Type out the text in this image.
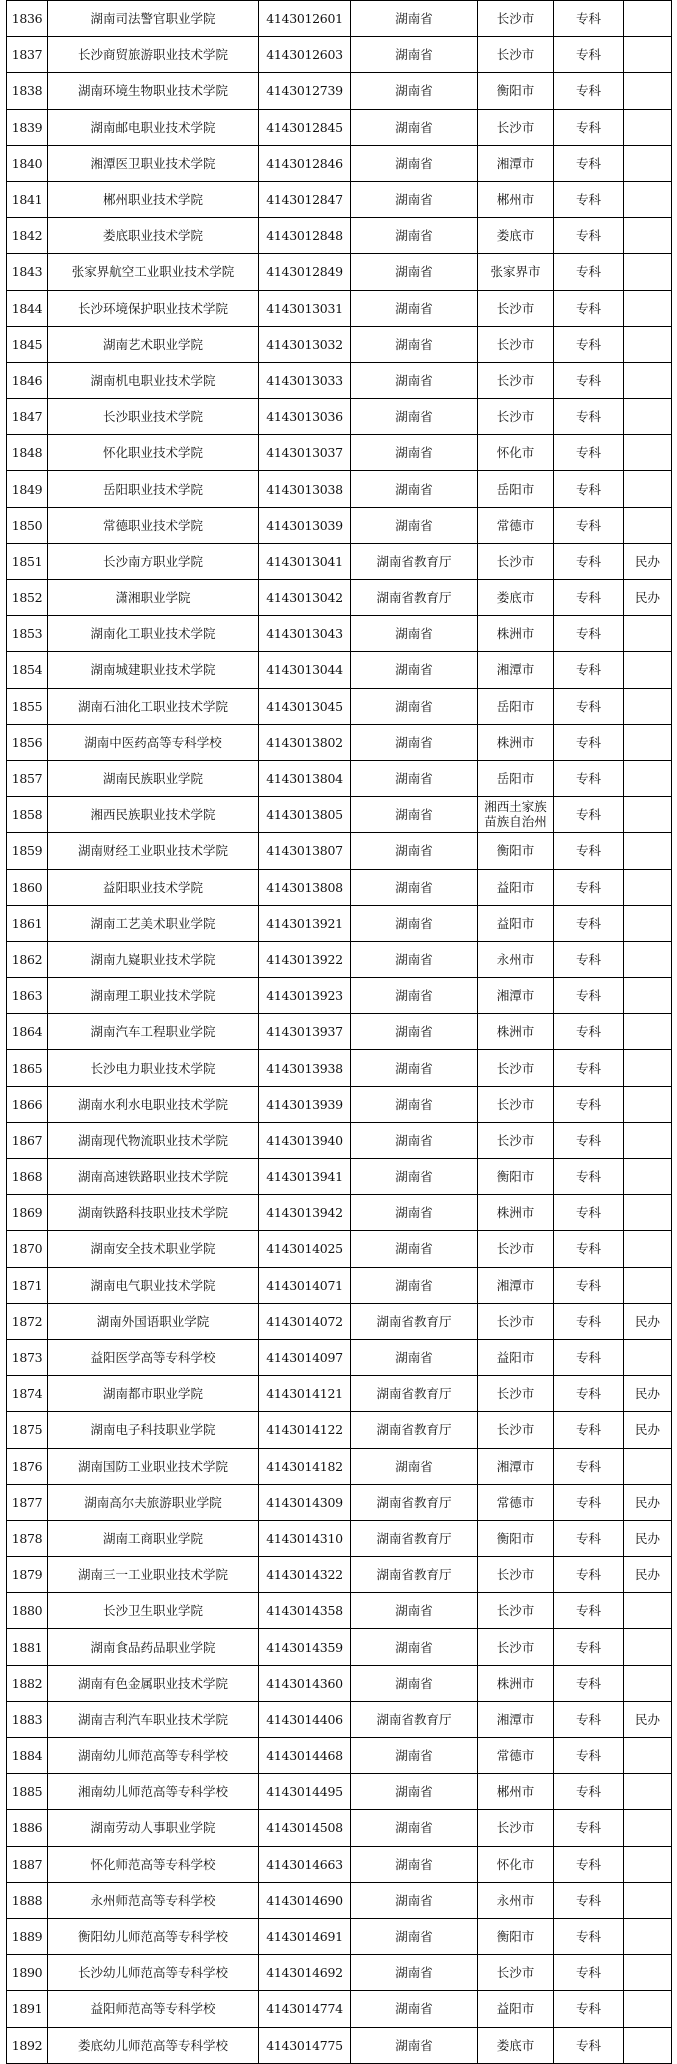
1836	湖南司法警官职业学院	4143012601	湖南省	长沙市	专科	
1837	长沙商贸旅游职业技术学院	4143012603	湖南省	长沙市	专科	
1838	湖南环境生物职业技术学院	4143012739	湖南省	衡阳市	专科	
1839	湖南邮电职业技术学院	4143012845	湖南省	长沙市	专科	
1840	湘潭医卫职业技术学院	4143012846	湖南省	湘潭市	专科	
1841	郴州职业技术学院	4143012847	湖南省	郴州市	专科	
1842	娄底职业技术学院	4143012848	湖南省	娄底市	专科	
1843	张家界航空工业职业技术学院	4143012849	湖南省	张家界市	专科	
1844	长沙环境保护职业技术学院	4143013031	湖南省	长沙市	专科	
1845	湖南艺术职业学院	4143013032	湖南省	长沙市	专科	
1846	湖南机电职业技术学院	4143013033	湖南省	长沙市	专科	
1847	长沙职业技术学院	4143013036	湖南省	长沙市	专科	
1848	怀化职业技术学院	4143013037	湖南省	怀化市	专科	
1849	岳阳职业技术学院	4143013038	湖南省	岳阳市	专科	
1850	常德职业技术学院	4143013039	湖南省	常德市	专科	
1851	长沙南方职业学院	4143013041	湖南省教育厅	长沙市	专科	民办
1852	潇湘职业学院	4143013042	湖南省教育厅	娄底市	专科	民办
1853	湖南化工职业技术学院	4143013043	湖南省	株洲市	专科	
1854	湖南城建职业技术学院	4143013044	湖南省	湘潭市	专科	
1855	湖南石油化工职业技术学院	4143013045	湖南省	岳阳市	专科	
1856	湖南中医药高等专科学校	4143013802	湖南省	株洲市	专科	
1857	湖南民族职业学院	4143013804	湖南省	岳阳市	专科	
1858	湘西民族职业技术学院	4143013805	湖南省	湘西土家族苗族自治州	专科	
1859	湖南财经工业职业技术学院	4143013807	湖南省	衡阳市	专科	
1860	益阳职业技术学院	4143013808	湖南省	益阳市	专科	
1861	湖南工艺美术职业学院	4143013921	湖南省	益阳市	专科	
1862	湖南九嶷职业技术学院	4143013922	湖南省	永州市	专科	
1863	湖南理工职业技术学院	4143013923	湖南省	湘潭市	专科	
1864	湖南汽车工程职业学院	4143013937	湖南省	株洲市	专科	
1865	长沙电力职业技术学院	4143013938	湖南省	长沙市	专科	
1866	湖南水利水电职业技术学院	4143013939	湖南省	长沙市	专科	
1867	湖南现代物流职业技术学院	4143013940	湖南省	长沙市	专科	
1868	湖南高速铁路职业技术学院	4143013941	湖南省	衡阳市	专科	
1869	湖南铁路科技职业技术学院	4143013942	湖南省	株洲市	专科	
1870	湖南安全技术职业学院	4143014025	湖南省	长沙市	专科	
1871	湖南电气职业技术学院	4143014071	湖南省	湘潭市	专科	
1872	湖南外国语职业学院	4143014072	湖南省教育厅	长沙市	专科	民办
1873	益阳医学高等专科学校	4143014097	湖南省	益阳市	专科	
1874	湖南都市职业学院	4143014121	湖南省教育厅	长沙市	专科	民办
1875	湖南电子科技职业学院	4143014122	湖南省教育厅	长沙市	专科	民办
1876	湖南国防工业职业技术学院	4143014182	湖南省	湘潭市	专科	
1877	湖南高尔夫旅游职业学院	4143014309	湖南省教育厅	常德市	专科	民办
1878	湖南工商职业学院	4143014310	湖南省教育厅	衡阳市	专科	民办
1879	湖南三一工业职业技术学院	4143014322	湖南省教育厅	长沙市	专科	民办
1880	长沙卫生职业学院	4143014358	湖南省	长沙市	专科	
1881	湖南食品药品职业学院	4143014359	湖南省	长沙市	专科	
1882	湖南有色金属职业技术学院	4143014360	湖南省	株洲市	专科	
1883	湖南吉利汽车职业技术学院	4143014406	湖南省教育厅	湘潭市	专科	民办
1884	湖南幼儿师范高等专科学校	4143014468	湖南省	常德市	专科	
1885	湘南幼儿师范高等专科学校	4143014495	湖南省	郴州市	专科	
1886	湖南劳动人事职业学院	4143014508	湖南省	长沙市	专科	
1887	怀化师范高等专科学校	4143014663	湖南省	怀化市	专科	
1888	永州师范高等专科学校	4143014690	湖南省	永州市	专科	
1889	衡阳幼儿师范高等专科学校	4143014691	湖南省	衡阳市	专科	
1890	长沙幼儿师范高等专科学校	4143014692	湖南省	长沙市	专科	
1891	益阳师范高等专科学校	4143014774	湖南省	益阳市	专科	
1892	娄底幼儿师范高等专科学校	4143014775	湖南省	娄底市	专科	
